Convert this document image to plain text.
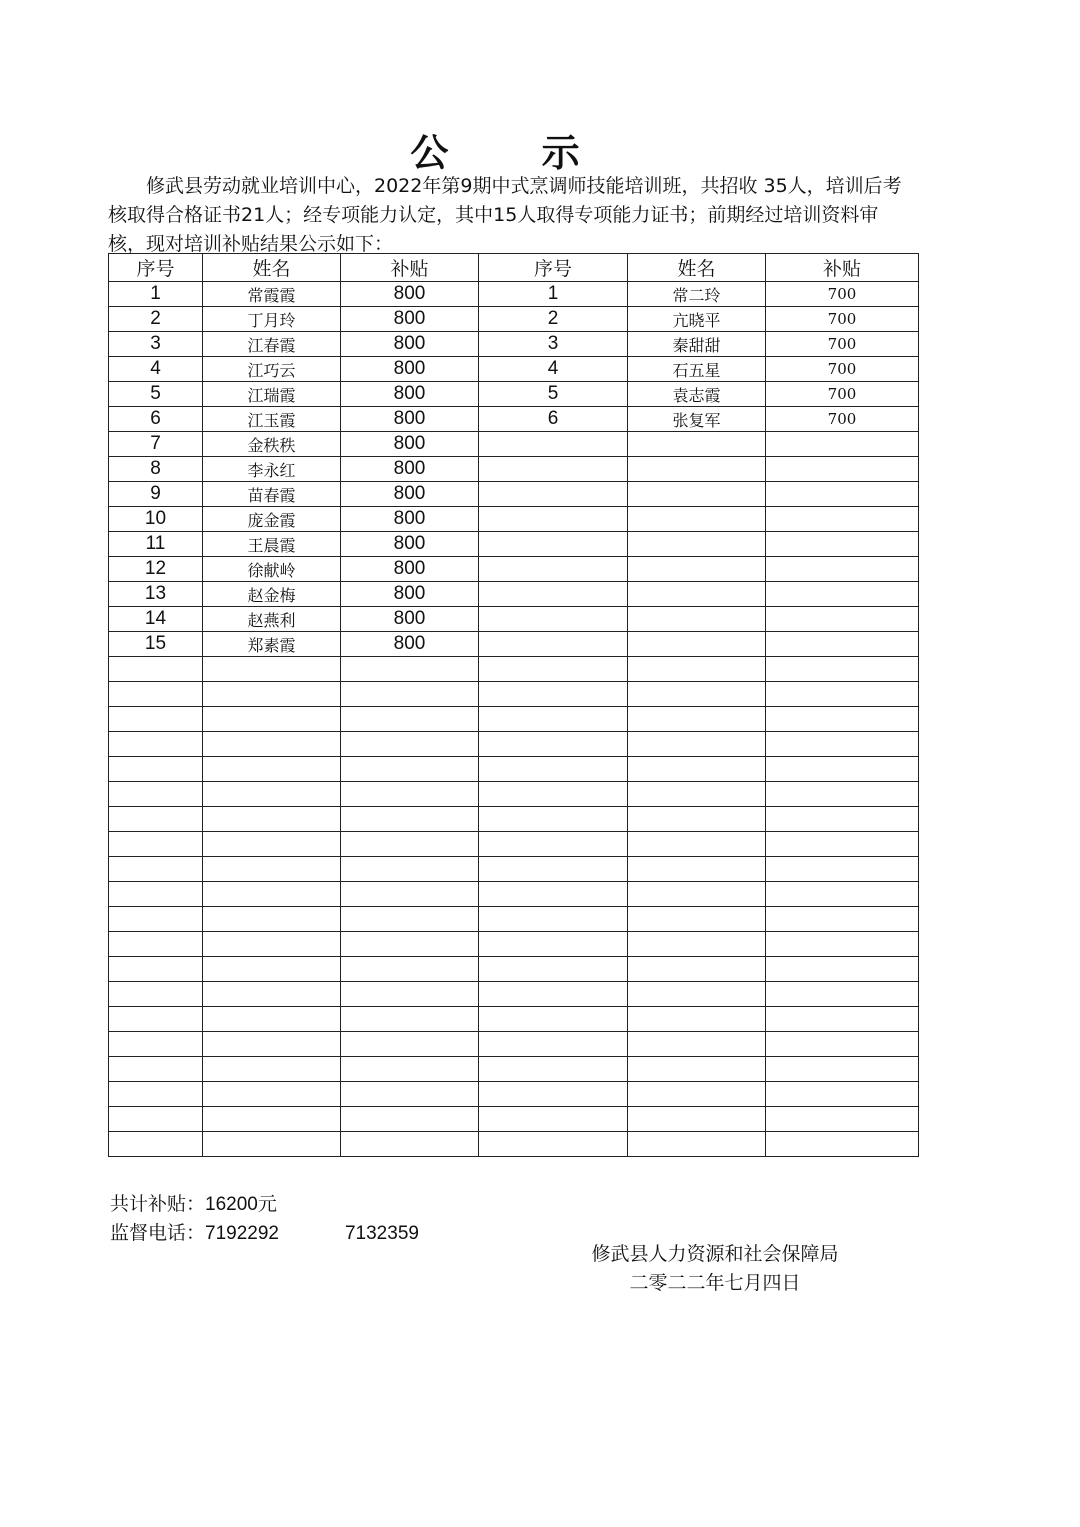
公 示

修武县劳动就业培训中心，2022年第9期中式烹调师技能培训班，共招收 35人，培训后考核取得合格证书21人；经专项能力认定，其中15人取得专项能力证书；前期经过培训资料审核，现对培训补贴结果公示如下：

序号	姓名	补贴	序号	姓名	补贴
1	常霞霞	800	1	常二玲	700
2	丁月玲	800	2	亢晓平	700
3	江春霞	800	3	秦甜甜	700
4	江巧云	800	4	石五星	700
5	江瑞霞	800	5	袁志霞	700
6	江玉霞	800	6	张复军	700
7	金秩秩	800			
8	李永红	800			
9	苗春霞	800			
10	庞金霞	800			
11	王晨霞	800			
12	徐献岭	800			
13	赵金梅	800			
14	赵燕利	800			
15	郑素霞	800			

共计补贴：16200元
监督电话：7192292	7132359
修武县人力资源和社会保障局
二零二二年七月四日
